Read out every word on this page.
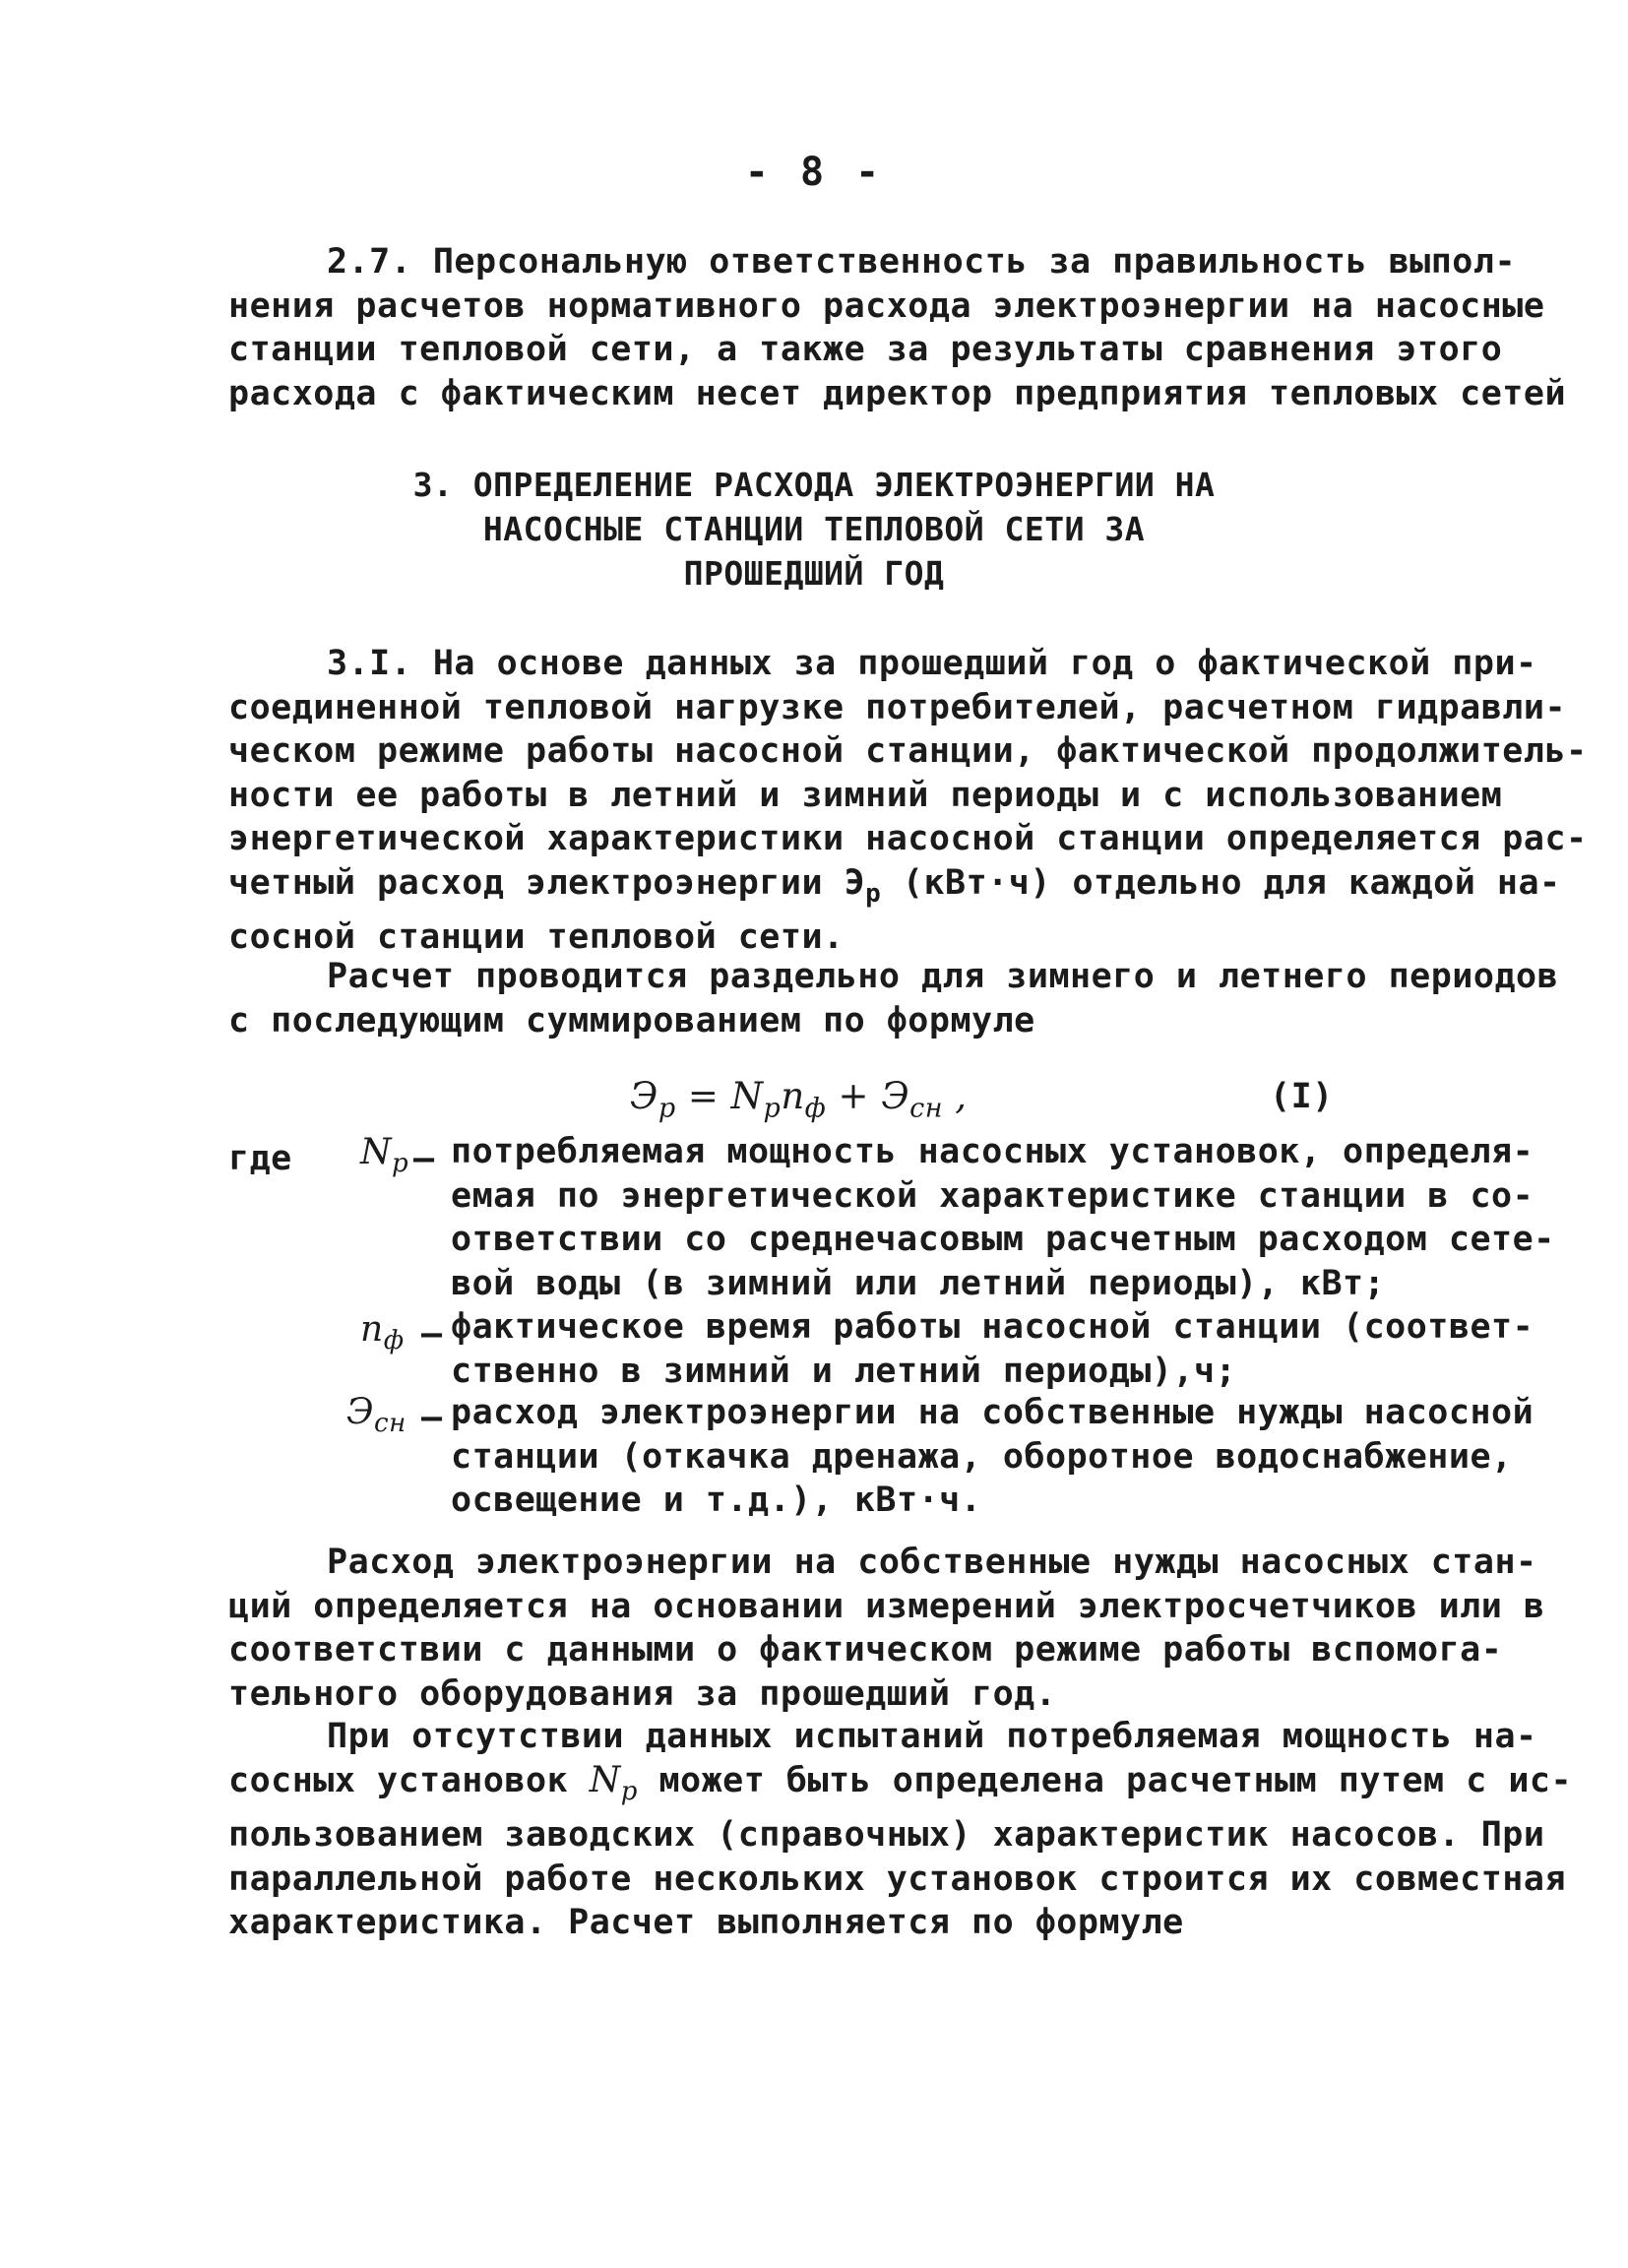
- 8 -

2.7. Персональную ответственность за правильность выпол-
нения расчетов нормативного расхода электроэнергии на насосные
станции тепловой сети, а также за результаты сравнения этого
расхода с фактическим несет директор предприятия тепловых сетей

3. ОПРЕДЕЛЕНИЕ РАСХОДА ЭЛЕКТРОЭНЕРГИИ НА
НАСОСНЫЕ СТАНЦИИ ТЕПЛОВОЙ СЕТИ ЗА
ПРОШЕДШИЙ ГОД

3.I. На основе данных за прошедший год о фактической при-
соединенной тепловой нагрузке потребителей, расчетном гидравли-
ческом режиме работы насосной станции, фактической продолжитель-
ности ее работы в летний и зимний периоды и с использованием
энергетической характеристики насосной станции определяется рас-
четный расход электроэнергии $Э_р$ (кВт·ч) отдельно для каждой на-
сосной станции тепловой сети.

Расчет проводится раздельно для зимнего и летнего периодов
с последующим суммированием по формуле

$Э_р = N_рn_ф + Э_{сн}$ ,	(I)
где $N_р$ – потребляемая мощность насосных установок, определя-
емая по энергетической характеристике станции в со-
ответствии со среднечасовым расчетным расходом сете-
вой воды (в зимний или летний периоды), кВт;
$n_ф$ – фактическое время работы насосной станции (соответ-
ственно в зимний и летний периоды),ч;
$Э_{сн}$ – расход электроэнергии на собственные нужды насосной
станции (откачка дренажа, оборотное водоснабжение,
освещение и т.д.), кВт·ч.

Расход электроэнергии на собственные нужды насосных стан-
ций определяется на основании измерений электросчетчиков или в
соответствии с данными о фактическом режиме работы вспомога-
тельного оборудования за прошедший год.

При отсутствии данных испытаний потребляемая мощность на-
сосных установок $N_р$ может быть определена расчетным путем с ис-
пользованием заводских (справочных) характеристик насосов. При
параллельной работе нескольких установок строится их совместная
характеристика. Расчет выполняется по формуле
